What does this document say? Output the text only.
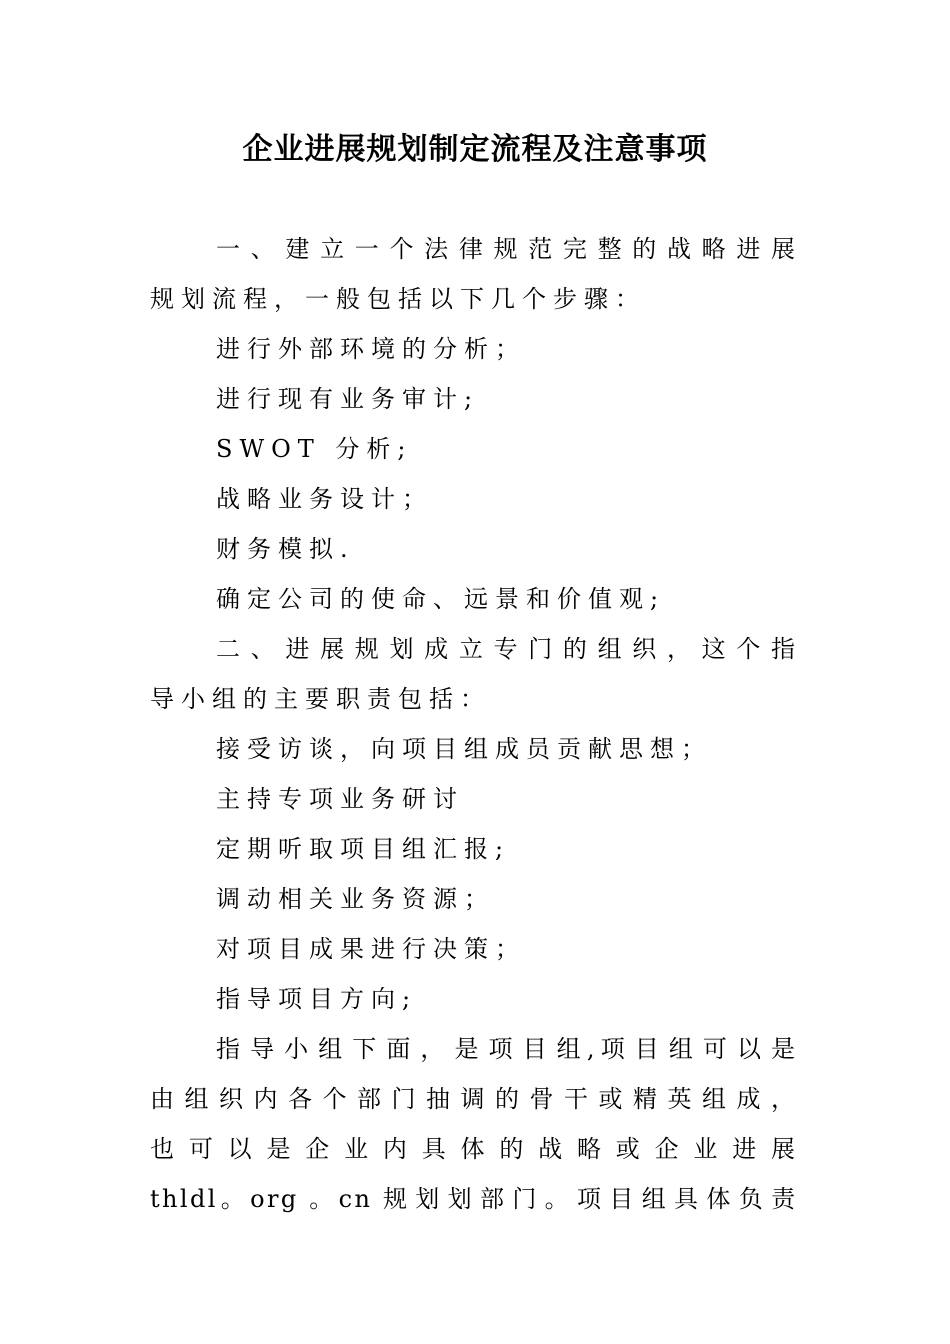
企业进展规划制定流程及注意事项
一 、 建 立 一 个 法 律 规 范 完 整 的 战 略 进 展
规划流程，一般包括以下几个步骤：
进行外部环境的分析；
进行现有业务审计;
SWOT 分析;
战略业务设计；
财务模拟.
确定公司的使命、远景和价值观;
二 、 进 展 规 划 成 立 专 门 的 组 织 ， 这 个 指
导小组的主要职责包括：
接受访谈，向项目组成员贡献思想；
主持专项业务研讨
定期听取项目组汇报;
调动相关业务资源；
对项目成果进行决策；
指导项目方向;
指 导 小 组 下 面 ， 是 项 目 组 , 项 目 组 可 以 是
由 组 织 内 各 个 部 门 抽 调 的 骨 干 或 精 英 组 成 ，
也 可 以 是 企 业 内 具 体 的 战 略 或 企 业 进 展
t h l d l 。 o r g  。 c n  规 划 划 部 门 。 项 目 组 具 体 负 责
